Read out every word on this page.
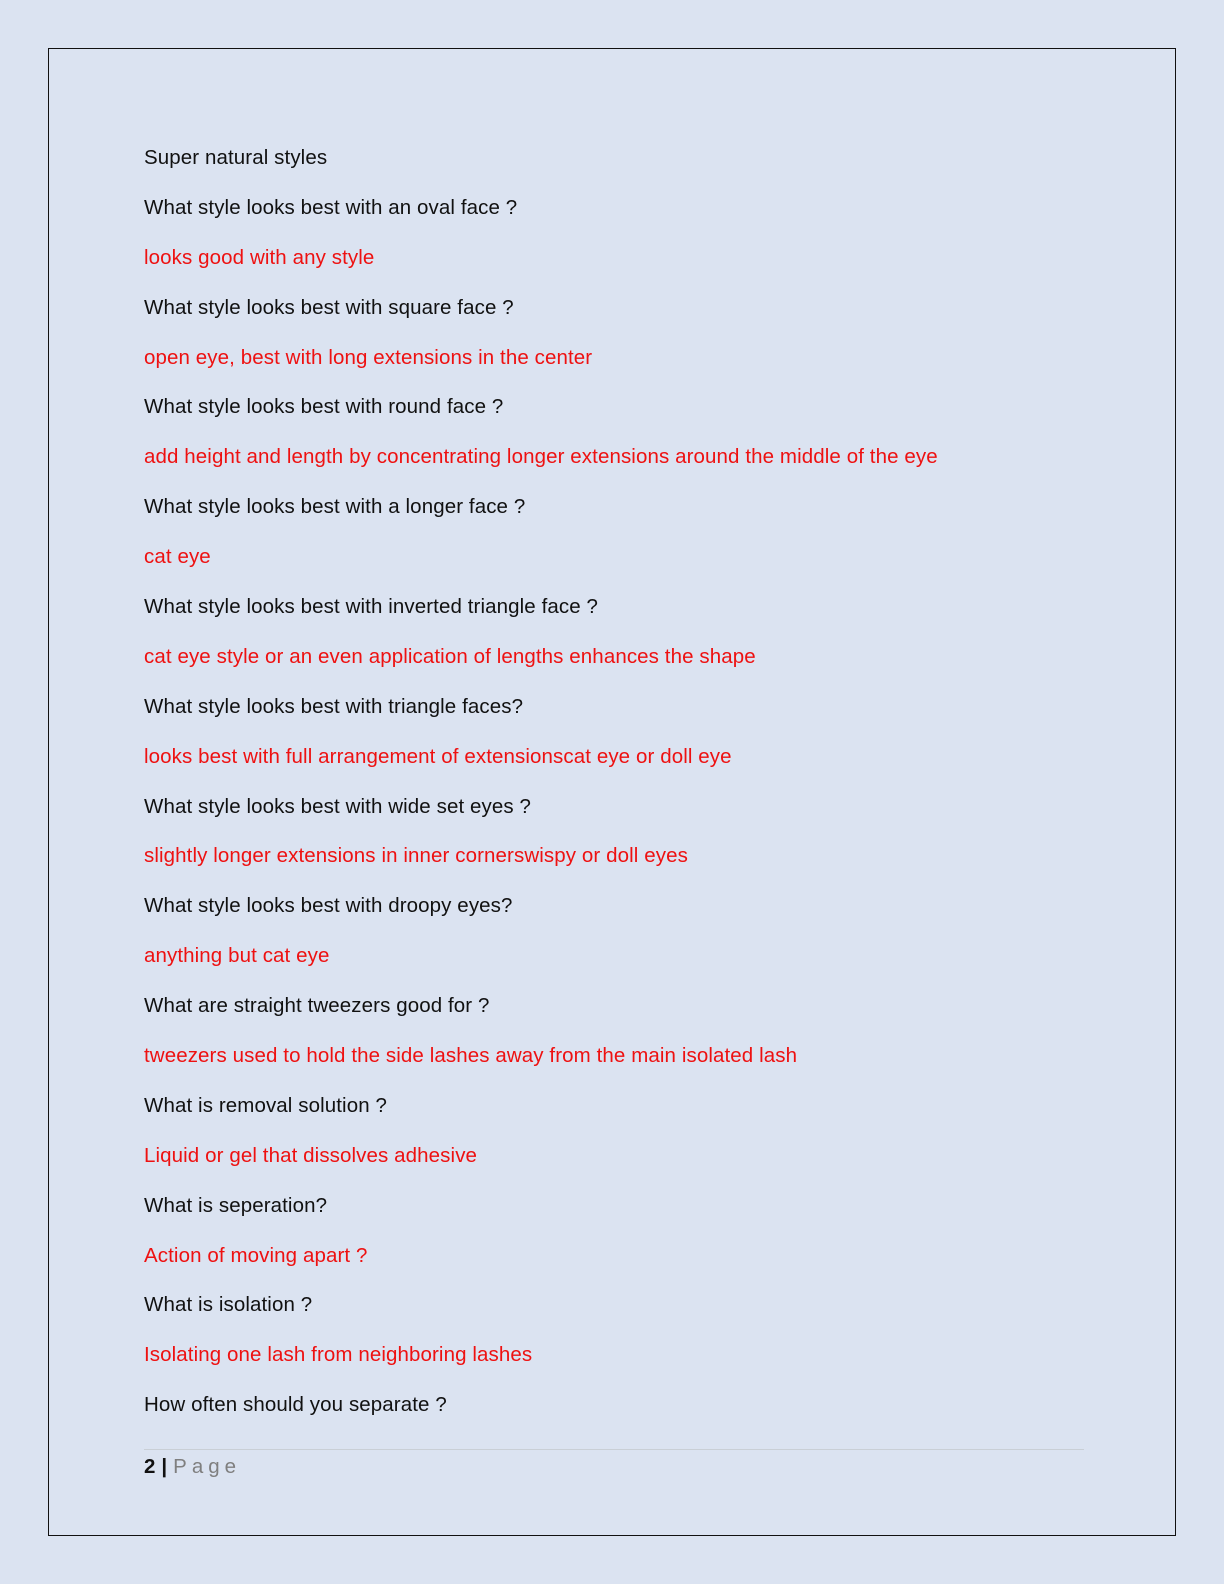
Super natural styles
What style looks best with an oval face ?
looks good with any style
What style looks best with square face ?
open eye, best with long extensions in the center
What style looks best with round face ?
add height and length by concentrating longer extensions around the middle of the eye
What style looks best with a longer face ?
cat eye
What style looks best with inverted triangle face ?
cat eye style or an even application of lengths enhances the shape
What style looks best with triangle faces?
looks best with full arrangement of extensionscat eye or doll eye
What style looks best with wide set eyes ?
slightly longer extensions in inner cornerswispy or doll eyes
What style looks best with droopy eyes?
anything but cat eye
What are straight tweezers good for ?
tweezers used to hold the side lashes away from the main isolated lash
What is removal solution ?
Liquid or gel that dissolves adhesive
What is seperation?
Action of moving apart ?
What is isolation ?
Isolating one lash from neighboring lashes
How often should you separate ?
2 | Page
